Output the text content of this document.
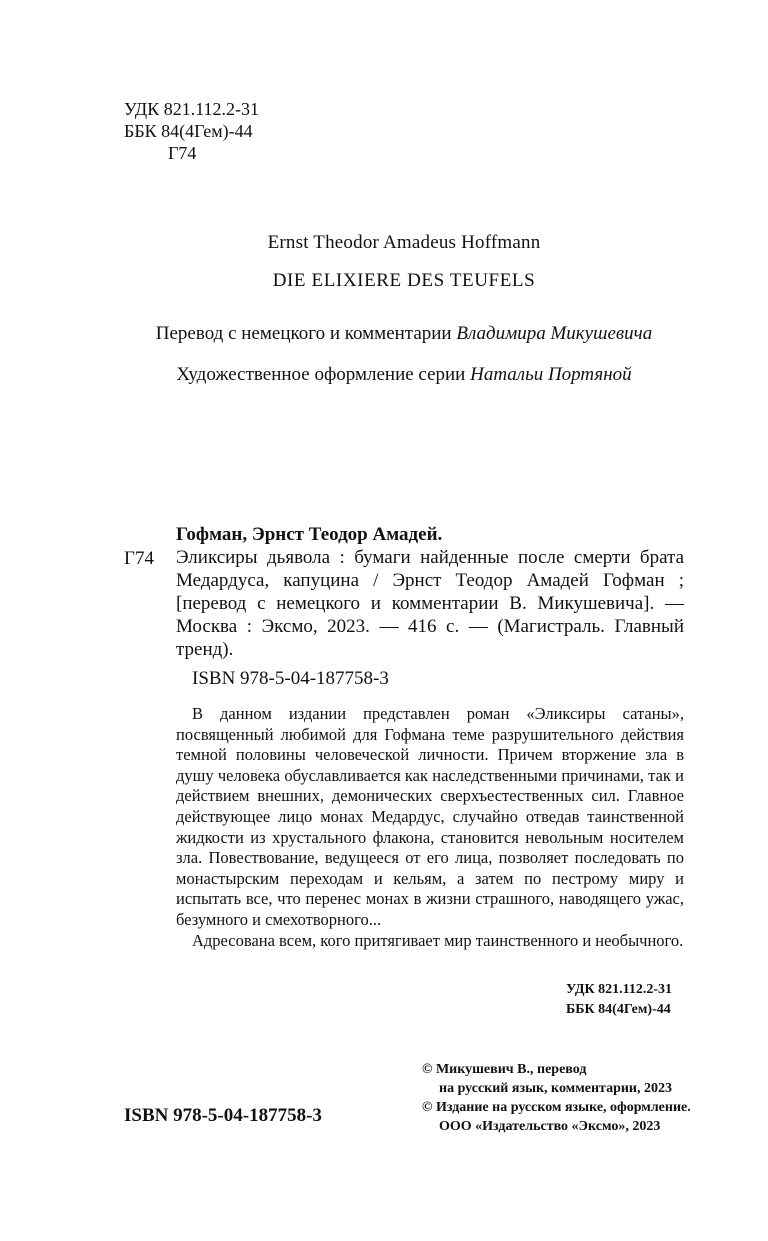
УДК 821.112.2-31
ББК 84(4Гем)-44
Г74
Ernst Theodor Amadeus Hoffmann
DIE ELIXIERE DES TEUFELS
Перевод с немецкого и комментарии Владимира Микушевича
Художественное оформление серии Натальи Портяной
Гофман, Эрнст Теодор Амадей.
Г74 Эликсиры дьявола : бумаги найденные после смерти брата Медардуса, капуцина / Эрнст Теодор Амадей Гофман ; [перевод с немецкого и комментарии В. Микушевича]. — Москва : Эксмо, 2023. — 416 с. — (Магистраль. Главный тренд).
ISBN 978-5-04-187758-3

В данном издании представлен роман «Эликсиры сатаны», посвященный любимой для Гофмана теме разрушительного действия темной половины человеческой личности. Причем вторжение зла в душу человека обуславливается как наследственными причинами, так и действием внешних, демонических сверхъестественных сил. Главное действующее лицо монах Медардус, случайно отведав таинственной жидкости из хрустального флакона, становится невольным носителем зла. Повествование, ведущееся от его лица, позволяет последовать по монастырским переходам и кельям, а затем по пестрому миру и испытать все, что перенес монах в жизни страшного, наводящего ужас, безумного и смехотворного...

Адресована всем, кого притягивает мир таинственного и необычного.

УДК 821.112.2-31
ББК 84(4Гем)-44
© Микушевич В., перевод
на русский язык, комментарии, 2023
© Издание на русском языке, оформление.
ООО «Издательство «Эксмо», 2023
ISBN 978-5-04-187758-3
